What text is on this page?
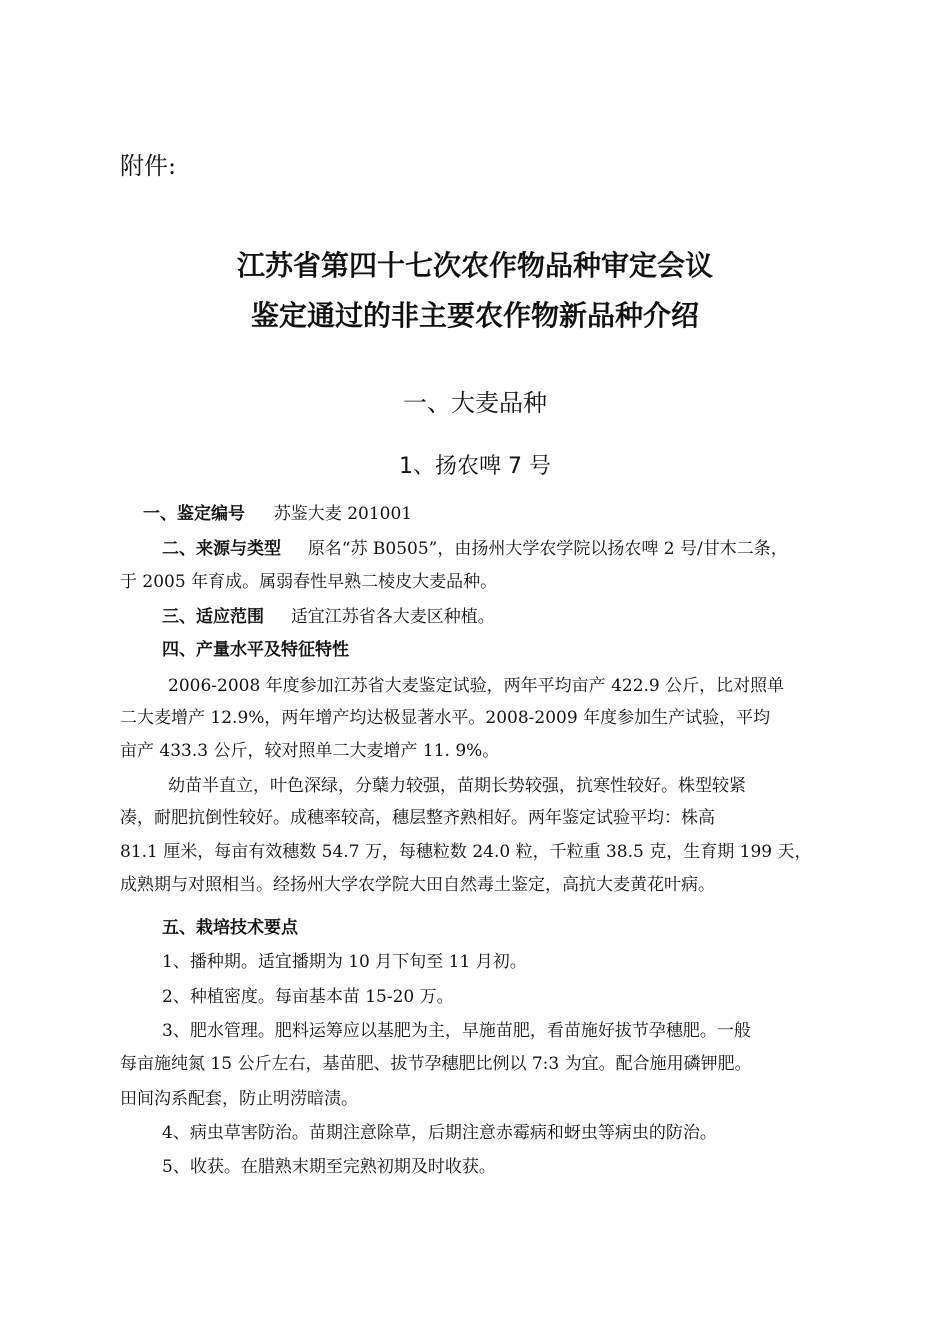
附件:
江苏省第四十七次农作物品种审定会议
鉴定通过的非主要农作物新品种介绍
一、大麦品种
1、扬农啤 7 号
一、鉴定编号 苏鉴大麦 201001
二、来源与类型 原名“苏 B0505”，由扬州大学农学院以扬农啤 2 号/甘木二条，
于 2005 年育成。属弱春性早熟二棱皮大麦品种。
三、适应范围 适宜江苏省各大麦区种植。
四、产量水平及特征特性
2006-2008 年度参加江苏省大麦鉴定试验，两年平均亩产 422.9 公斤，比对照单
二大麦增产 12.9%，两年增产均达极显著水平。2008-2009 年度参加生产试验，平均
亩产 433.3 公斤，较对照单二大麦增产 11. 9%。
幼苗半直立，叶色深绿，分蘖力较强，苗期长势较强，抗寒性较好。株型较紧
凑，耐肥抗倒性较好。成穗率较高，穗层整齐熟相好。两年鉴定试验平均：株高
81.1 厘米，每亩有效穗数 54.7 万，每穗粒数 24.0 粒，千粒重 38.5 克，生育期 199 天，
成熟期与对照相当。经扬州大学农学院大田自然毒土鉴定，高抗大麦黄花叶病。
五、栽培技术要点
1、播种期。适宜播期为 10 月下旬至 11 月初。
2、种植密度。每亩基本苗 15-20 万。
3、肥水管理。肥料运筹应以基肥为主，早施苗肥，看苗施好拔节孕穗肥。一般
每亩施纯氮 15 公斤左右，基苗肥、拔节孕穗肥比例以 7:3 为宜。配合施用磷钾肥。
田间沟系配套，防止明涝暗渍。
4、病虫草害防治。苗期注意除草，后期注意赤霉病和蚜虫等病虫的防治。
5、收获。在腊熟末期至完熟初期及时收获。
